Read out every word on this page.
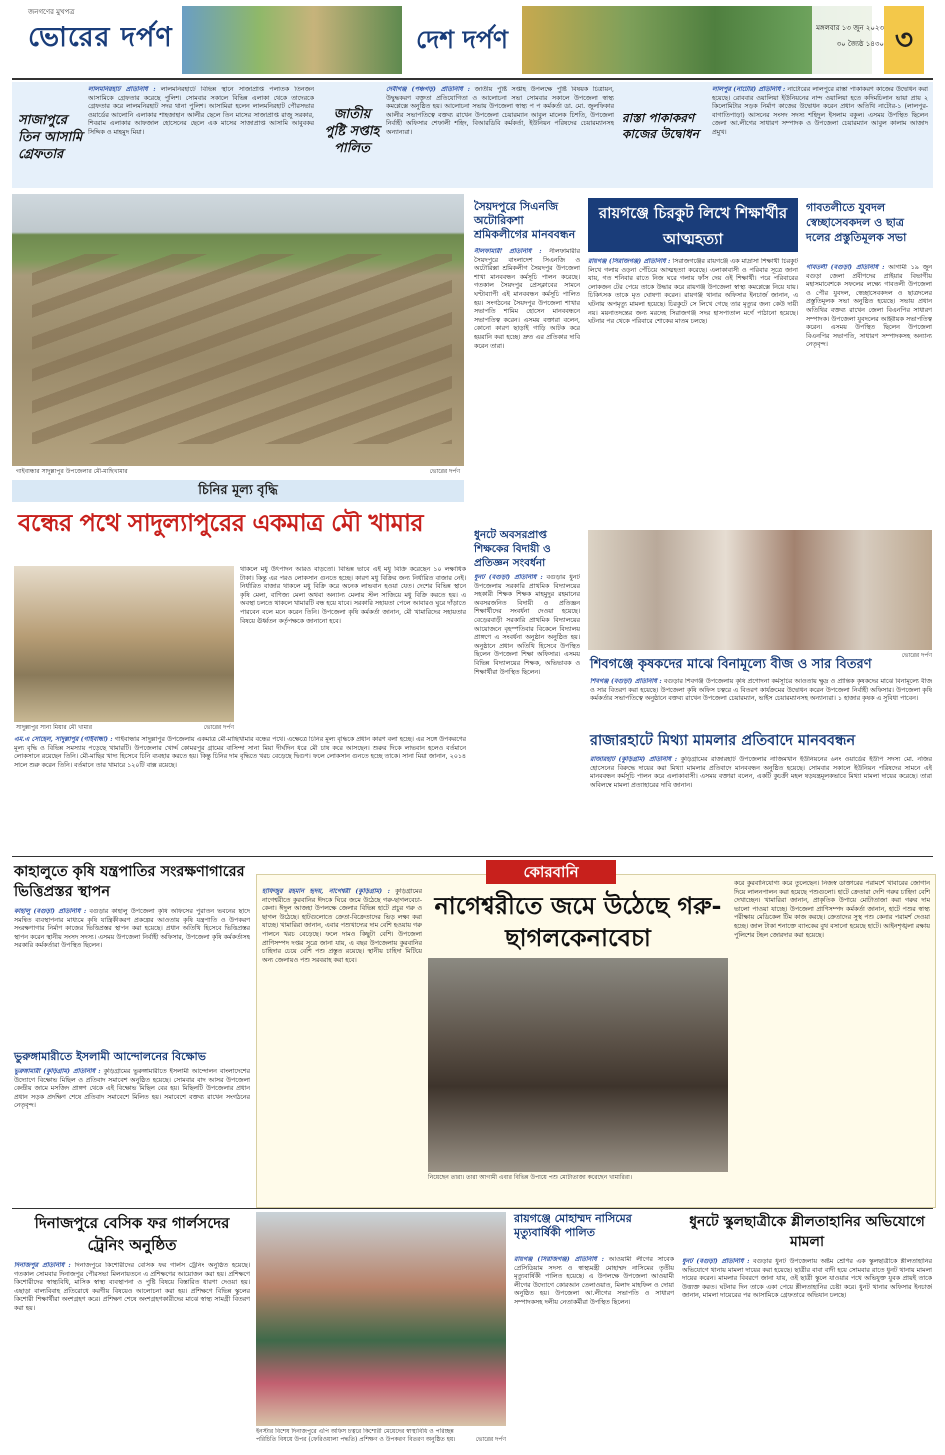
জনগণের মুখপত্র
ভোরের দর্পণ	দেশ দর্পণ	মঙ্গলবার ১৩ জুন ২০২৩
৩০ জ্যৈষ্ঠ ১৪৩০ ৩
সাজাপুরে তিন আসামি গ্রেফতার
লালমনিরহাট প্রতিনিধি : লালমনিরহাটে বিভিন্ন স্থানে সাজাপ্রাপ্ত পলাতক তিনজন আসামিকে গ্রেফতার করেছে পুলিশ। সোমবার সকালে বিভিন্ন এলাকা থেকে তাদেরকে গ্রেফতার করে লালমনিরহাট সদর থানা পুলিশ। আসামিরা হলেন লালমনিরহাট পৌরসভার ওয়ার্ডের আলোনি এলাকার শাহজাহান আলীর ছেলে তিন মাসের সাজাপ্রাপ্ত রাজু সরকার, শিবরাম এলাকার আফজাল হোসেনের ছেলে এক মাসের সাজাপ্রাপ্ত আসামি আবুবকর সিদ্দিক ও মাহমুদ মিয়া।
জাতীয় পুষ্টি সপ্তাহ পালিত
দেবীগঞ্জ (পঞ্চগড়) প্রতিনিধি : জাতীয় পুষ্টি সপ্তাহ উপলক্ষে পুষ্টি বিষয়ক চিত্রায়ন, উদ্বুদ্ধকরণ বক্তৃতা প্রতিযোগিতা ও আলোচনা সভা সোমবার সকালে উপজেলা স্বাস্থ্য কমপ্লেক্সে অনুষ্ঠিত হয়। আলোচনা সভায় উপজেলা স্বাস্থ্য প প কর্মকর্তা ডা. মো. জুলফিকার আলীর সভাপতিত্বে বক্তব্য রাখেন উপজেলা চেয়ারম্যান আবুল মালেক চিশতি, উপজেলা নির্বাহী অফিসার শেফালী শহিদ, বিআরডিবি কর্মকর্তা, ইউনিয়ন পরিষদের চেয়ারম্যানসহ অন্যান্যরা।
রাস্তা পাকাকরণ কাজের উদ্বোধন
লালপুর (নাটোর) প্রতিনিধি : নাটোরের লালপুরে রাস্তা পাকাকরণ কাজের উদ্বোধন করা হয়েছে। রোববার ওয়ালিয়া ইউনিয়নের নান্দ ওয়ালিয়া হতে কদিমচিলান ভায়া প্রায় ২ কিলোমিটার সড়ক নির্মাণ কাজের উদ্বোধন করেন প্রধান অতিথি নাটোর-১ (লালপুর-বাগাতিপাড়া) আসনের সংসদ সদস্য শহিদুল ইসলাম বকুল। এসময় উপস্থিত ছিলেন জেলা আ.লীগের সাধারণ সম্পাদক ও উপজেলা চেয়ারম্যান আবুল কালাম আজাদ প্রমুখ।
গাইবান্ধার সাদুল্লাপুর উপজেলার মৌ-মাছিখামার	ভোরের দর্পণ
চিনির মূল্য বৃদ্ধি
বন্ধের পথে সাদুল্যাপুরের একমাত্র মৌ খামার
সাদুল্লাপুর সানা মিয়ার মৌ খামার	ভোরের দর্পণ
এম.এ সোহেল, সাদুল্লাপুর (গাইবান্ধা) : গাইবান্ধার সাদুল্লাপুর উপজেলায় একমাত্র মৌ-মাছিখামার বন্ধের পথে। এক্ষেত্রে চিনির মূল্য বৃদ্ধিকে প্রধান কারণ বলা হচ্ছে। এর সঙ্গে উপকরণের মূল্য বৃদ্ধি ও বিভিন্ন সমস্যায় পড়েছে খামারটি। উপজেলার খোর্দ্দ কোমরপুর গ্রামের বাসিন্দা সানা মিয়া দীর্ঘদিন ধরে মৌ চাষ করে আসছেন। শুরুর দিকে লাভবান হলেও বর্তমানে লোকসানে রয়েছেন তিনি। মৌ-মাছির খাদ্য হিসেবে চিনি ব্যবহার করতে হয়। কিন্তু চিনির দাম বৃদ্ধিতে খরচ বেড়েছে দ্বিগুণ। ফলে লোকসান গুনতে হচ্ছে তাকে। সানা মিয়া জানান, ২০১৪ সালে শুরু করেন তিনি। বর্তমানে তার খামারে ১২০টি বাক্স রয়েছে।
থাকলে মধু উৎপাদন আরও বাড়তো। বিভিন্ন ভাবে এই মধু বিক্রি করেছেন ১০ লক্ষাধিক টাকা। কিন্তু এর পরও লোকসান গুনতে হচ্ছে। কারণ মধু বিক্রির জন্য নির্ধারিত বাজার নেই। নির্ধারিত বাজার থাকলে মধু বিক্রি করে অনেক লাভবান হওয়া যেত। দেশের বিভিন্ন স্থানে কৃষি মেলা, বাণিজ্য মেলা অথবা অন্যান্য মেলায় স্টল সাজিয়ে মধু বিক্রি করতে হয়। এ অবস্থা চলতে থাকলে খামারটি বন্ধ হয়ে যাবে। সরকারি সহায়তা পেলে আবারও ঘুরে দাঁড়াতে পারবেন বলে মনে করেন তিনি। উপজেলা কৃষি কর্মকর্তা জানান, মৌ খামারিদের সহায়তার বিষয়ে ঊর্ধ্বতন কর্তৃপক্ষকে জানানো হবে।
সৈয়দপুরে সিএনজি অটোরিকশা শ্রমিকলীগের মানববন্ধন
নীলফামারী প্রতিনিধি : নীলফামারীর সৈয়দপুরে বাংলাদেশ সিএনজি ও অটোরিক্সা শ্রমিকলীগ সৈয়দপুর উপজেলা শাখা মানববন্ধন কর্মসূচি পালন করেছে। গতকাল সৈয়দপুর প্রেসক্লাবের সামনে ঘণ্টাব্যাপী এই মানববন্ধন কর্মসূচি পালিত হয়। সংগঠনের সৈয়দপুর উপজেলা শাখার সভাপতি শামিম হোসেন মানববন্ধনে সভাপতিত্ব করেন। এসময় বক্তারা বলেন, কোনো কারণ ছাড়াই গাড়ি আটক করে হয়রানি করা হচ্ছে। দ্রুত এর প্রতিকার দাবি করেন তারা।
ধুনটে অবসরপ্রাপ্ত শিক্ষকের বিদায়ী ও প্রতিজ্ঞন সংবর্ধনা
ধুনট (বগুড়া) প্রতিনিধি : বগুড়ার ধুনট উপজেলায় সরকারি প্রাথমিক বিদ্যালয়ের সহকারী শিক্ষক শিক্ষক মাহমুদুর রহমানের অবসরজনিত বিদায়ী ও প্রতিজ্ঞন শিক্ষার্থীদের সংবর্ধনা দেওয়া হয়েছে। বেড়েরবাড়ী সরকারি প্রাথমিক বিদ্যালয়ের আয়োজনে বৃহস্পতিবার বিকেলে বিদ্যালয় প্রাঙ্গণে এ সংবর্ধনা অনুষ্ঠান অনুষ্ঠিত হয়। অনুষ্ঠানে প্রধান অতিথি হিসেবে উপস্থিত ছিলেন উপজেলা শিক্ষা অফিসার। এসময় বিভিন্ন বিদ্যালয়ের শিক্ষক, অভিভাবক ও শিক্ষার্থীরা উপস্থিত ছিলেন।
রায়গঞ্জে চিরকুট লিখে শিক্ষার্থীর আত্মহত্যা
রায়গঞ্জ (সিরাজগঞ্জ) প্রতিনিধি : সিরাজগঞ্জের রায়গঞ্জে এক মাদ্রাসা শিক্ষার্থী চিরকুট লিখে গলায় ওড়না পেঁচিয়ে আত্মহত্যা করেছে। এলাকাবাসী ও পরিবার সূত্রে জানা যায়, গত শনিবার রাতে নিজ ঘরে গলায় ফাঁস দেয় ওই শিক্ষার্থী। পরে পরিবারের লোকজন টের পেয়ে তাকে উদ্ধার করে রায়গঞ্জ উপজেলা স্বাস্থ্য কমপ্লেক্সে নিয়ে যায়। চিকিৎসক তাকে মৃত ঘোষণা করেন। রায়গঞ্জ থানার অফিসার ইনচার্জ জানান, এ ঘটনায় অপমৃত্যু মামলা হয়েছে। চিরকুটে সে লিখে গেছে তার মৃত্যুর জন্য কেউ দায়ী নয়। ময়নাতদন্তের জন্য মরদেহ সিরাজগঞ্জ সদর হাসপাতাল মর্গে পাঠানো হয়েছে। ঘটনার পর থেকে পরিবারে শোকের মাতম চলছে।
গাবতলীতে যুবদল স্বেচ্ছাসেবকদল ও ছাত্র দলের প্রস্তুতিমূলক সভা
গাবতলী (বগুড়া) প্রতিনিধি : আগামী ১৯ জুন বগুড়া জেলা প্রবীণদের প্রাইয়ার বিভাগীয় মহাসমাবেশকে সফলের লক্ষ্যে গাবতলী উপজেলা ও পৌর যুবদল, স্বেচ্ছাসেবকদল ও ছাত্রদলের প্রস্তুতিমূলক সভা অনুষ্ঠিত হয়েছে। সভায় প্রধান অতিথির বক্তব্য রাখেন জেলা বিএনপির সাধারণ সম্পাদক। উপজেলা যুবদলের আহ্বায়ক সভাপতিত্ব করেন। এসময় উপস্থিত ছিলেন উপজেলা বিএনপির সভাপতি, সাধারণ সম্পাদকসহ অন্যান্য নেতৃবৃন্দ।
ভোরের দর্পণ
শিবগঞ্জে কৃষকদের মাঝে বিনামূল্যে বীজ ও সার বিতরণ
শিবগঞ্জ (বগুড়া) প্রতিনিধি : বগুড়ার শিবগঞ্জ উপজেলায় কৃষি প্রণোদনা কর্মসূচির আওতায় ক্ষুদ্র ও প্রান্তিক কৃষকদের মাঝে বিনামূল্যে বীজ ও সার বিতরণ করা হয়েছে। উপজেলা কৃষি অফিস চত্বরে এ বিতরণ কার্যক্রমের উদ্বোধন করেন উপজেলা নির্বাহী অফিসার। উপজেলা কৃষি কর্মকর্তার সভাপতিত্বে অনুষ্ঠানে বক্তব্য রাখেন উপজেলা চেয়ারম্যান, ভাইস চেয়ারম্যানসহ অন্যান্যরা। ১ হাজার কৃষক এ সুবিধা পাবেন।
রাজারহাটে মিথ্যা মামলার প্রতিবাদে মানববন্ধন
রাজারহাট (কুড়িগ্রাম) প্রতিনিধি : কুড়িগ্রামের রাজারহাট উপজেলার নাজিমখান ইউনিয়নের ৬নং ওয়ার্ডের ইউপি সদস্য মো. নজির হোসেনের বিরুদ্ধে দায়ের করা মিথ্যা মামলার প্রতিবাদে মানববন্ধন অনুষ্ঠিত হয়েছে। সোমবার সকালে ইউনিয়ন পরিষদের সামনে এই মানববন্ধন কর্মসূচি পালন করে এলাকাবাসী। এসময় বক্তারা বলেন, একটি কুচক্রী মহল ষড়যন্ত্রমূলকভাবে মিথ্যা মামলা দায়ের করেছে। তারা অবিলম্বে মামলা প্রত্যাহারের দাবি জানান।
কাহালুতে কৃষি যন্ত্রপাতির সংরক্ষণাগারের ভিত্তিপ্রস্তর স্থাপন
কাহালু (বগুড়া) প্রতিনিধি : বগুড়ার কাহালু উপজেলা কৃষি অফিসের পুরাতন ভবনের ছাদে সমন্বিত ব্যবস্থাপনার মাধ্যমে কৃষি যান্ত্রিকীকরণ প্রকল্পের আওতায় কৃষি যন্ত্রপাতি ও উপকরণ সংরক্ষণাগার নির্মাণ কাজের ভিত্তিপ্রস্তর স্থাপন করা হয়েছে। প্রধান অতিথি হিসেবে ভিত্তিপ্রস্তর স্থাপন করেন স্থানীয় সংসদ সদস্য। এসময় উপজেলা নির্বাহী অফিসার, উপজেলা কৃষি কর্মকর্তাসহ সরকারি কর্মকর্তারা উপস্থিত ছিলেন।
ভুরুঙ্গামারীতে ইসলামী আন্দোলনের বিক্ষোভ
ভুরুঙ্গামারী (কুড়িগ্রাম) প্রতিনিধি : কুড়িগ্রামের ভুরুঙ্গামারীতে ইসলামী আন্দোলন বাংলাদেশের উদ্যোগে বিক্ষোভ মিছিল ও প্রতিবাদ সমাবেশ অনুষ্ঠিত হয়েছে। সোমবার বাদ আসর উপজেলা কেন্দ্রীয় জামে মসজিদ প্রাঙ্গণ থেকে এই বিক্ষোভ মিছিল বের হয়। মিছিলটি উপজেলার প্রধান প্রধান সড়ক প্রদক্ষিণ শেষে প্রতিবাদ সমাবেশে মিলিত হয়। সমাবেশে বক্তব্য রাখেন সংগঠনের নেতৃবৃন্দ।
কোরবানি
হাফিজুর রহমান হৃদয়, নাগেশ্বরী (কুড়িগ্রাম) : কুড়িগ্রামের নাগেশ্বরীতে কুরবানির ঈদকে ঘিরে জমে উঠেছে গরু-ছাগলবেচা-কেনা। ঈদুল আজহা উপলক্ষে জেলার বিভিন্ন হাটে প্রচুর গরু ও ছাগল উঠেছে। হাটগুলোতে ক্রেতা-বিক্রেতাদের ভিড় লক্ষ্য করা যাচ্ছে। খামারিরা জানান, এবার পশুখাদ্যের দাম বেশি হওয়ায় গরু পালনে খরচ বেড়েছে। ফলে দামও কিছুটা বেশি। উপজেলা প্রাণিসম্পদ দপ্তর সূত্রে জানা যায়, এ বছর উপজেলায় কুরবানির চাহিদার চেয়ে বেশি পশু প্রস্তুত রয়েছে। স্থানীয় চাহিদা মিটিয়ে অন্য জেলায়ও পশু সরবরাহ করা হবে।
নাগেশ্বরীতে জমে উঠেছে গরু-ছাগলকেনাবেচা
নিয়েছেন তারা। তারা আগামী এবার বিভিন্ন উপায়ে পশু মোটাতাজা করেছেন খামারিরা।
করে কুরবানিযোগ্য করে তুলেছেন। নিজস্ব ডাক্তারের পরামর্শে খাবারের জোগান দিয়ে লালনপালন করা হয়েছে পশুগুলো। হাটে ক্রেতারা দেশি গরুর চাহিদা বেশি দেখাচ্ছেন। খামারিরা জানান, প্রাকৃতিক উপায়ে মোটাতাজা করা গরুর দাম ভালো পাওয়া যাচ্ছে। উপজেলা প্রাণিসম্পদ কর্মকর্তা জানান, হাটে পশুর স্বাস্থ্য পরীক্ষায় মেডিকেল টিম কাজ করছে। ক্রেতাদের সুস্থ পশু কেনার পরামর্শ দেওয়া হচ্ছে। জাল টাকা শনাক্তে ব্যাংকের বুথ বসানো হয়েছে হাটে। আইনশৃঙ্খলা রক্ষায় পুলিশের টহল জোরদার করা হয়েছে।
দিনাজপুরে বেসিক ফর গার্লসদের ট্রেনিং অনুষ্ঠিত
দিনাজপুর প্রতিনিধি : দিনাজপুরে কিশোরীদের বেসিক ফর গার্লস ট্রেনিং অনুষ্ঠিত হয়েছে। গতকাল সোমবার দিনাজপুর পৌরসভা মিলনায়তনে এ প্রশিক্ষণের আয়োজন করা হয়। প্রশিক্ষণে কিশোরীদের স্বাস্থ্যবিধি, মাসিক স্বাস্থ্য ব্যবস্থাপনা ও পুষ্টি বিষয়ে বিস্তারিত ধারণা দেওয়া হয়। এছাড়া বাল্যবিবাহ প্রতিরোধে করণীয় বিষয়েও আলোচনা করা হয়। প্রশিক্ষণে বিভিন্ন স্কুলের কিশোরী শিক্ষার্থীরা অংশগ্রহণ করে। প্রশিক্ষণ শেষে অংশগ্রহণকারীদের মাঝে স্বাস্থ্য সামগ্রী বিতরণ করা হয়।
ইনস্টার বিশেষ দিনাজপুরে এপি অফিস চত্বরে কিশোরী মেয়েদের স্বাস্থ্যবিধি ও পরিচ্ছন্ন পরিচিতি বিষয়ে উপর (ফেরিওয়ালা পদ্ধতি) প্রশিক্ষণ ও উপকরণ বিতরণ অনুষ্ঠিত হয়।	ভোরের দর্পণ
রায়গঞ্জে মোহাম্মদ নাসিমের মৃত্যুবার্ষিকী পালিত
রায়গঞ্জ (সিরাজগঞ্জ) প্রতিনিধি : আওয়ামী লীগের সাবেক প্রেসিডিয়াম সদস্য ও স্বাস্থ্যমন্ত্রী মোহাম্মদ নাসিমের তৃতীয় মৃত্যুবার্ষিকী পালিত হয়েছে। এ উপলক্ষে উপজেলা আওয়ামী লীগের উদ্যোগে কোরআন তেলাওয়াত, মিলাদ মাহফিল ও দোয়া অনুষ্ঠিত হয়। উপজেলা আ.লীগের সভাপতি ও সাধারণ সম্পাদকসহ দলীয় নেতাকর্মীরা উপস্থিত ছিলেন।
ধুনটে স্কুলছাত্রীকে শ্লীলতাহানির অভিযোগে মামলা
ধুনট (বগুড়া) প্রতিনিধি : বগুড়ার ধুনট উপজেলায় অষ্টম শ্রেণির এক স্কুলছাত্রীকে শ্লীলতাহানির অভিযোগে থানায় মামলা দায়ের করা হয়েছে। ছাত্রীর বাবা বাদী হয়ে সোমবার রাতে ধুনট থানায় মামলা দায়ের করেন। মামলার বিবরণে জানা যায়, ওই ছাত্রী স্কুলে যাওয়ার পথে অভিযুক্ত যুবক প্রায়ই তাকে উত্ত্যক্ত করত। ঘটনার দিন তাকে একা পেয়ে শ্লীলতাহানির চেষ্টা করে। ধুনট থানার অফিসার ইনচার্জ জানান, মামলা দায়েরের পর আসামিকে গ্রেফতারে অভিযান চলছে।
